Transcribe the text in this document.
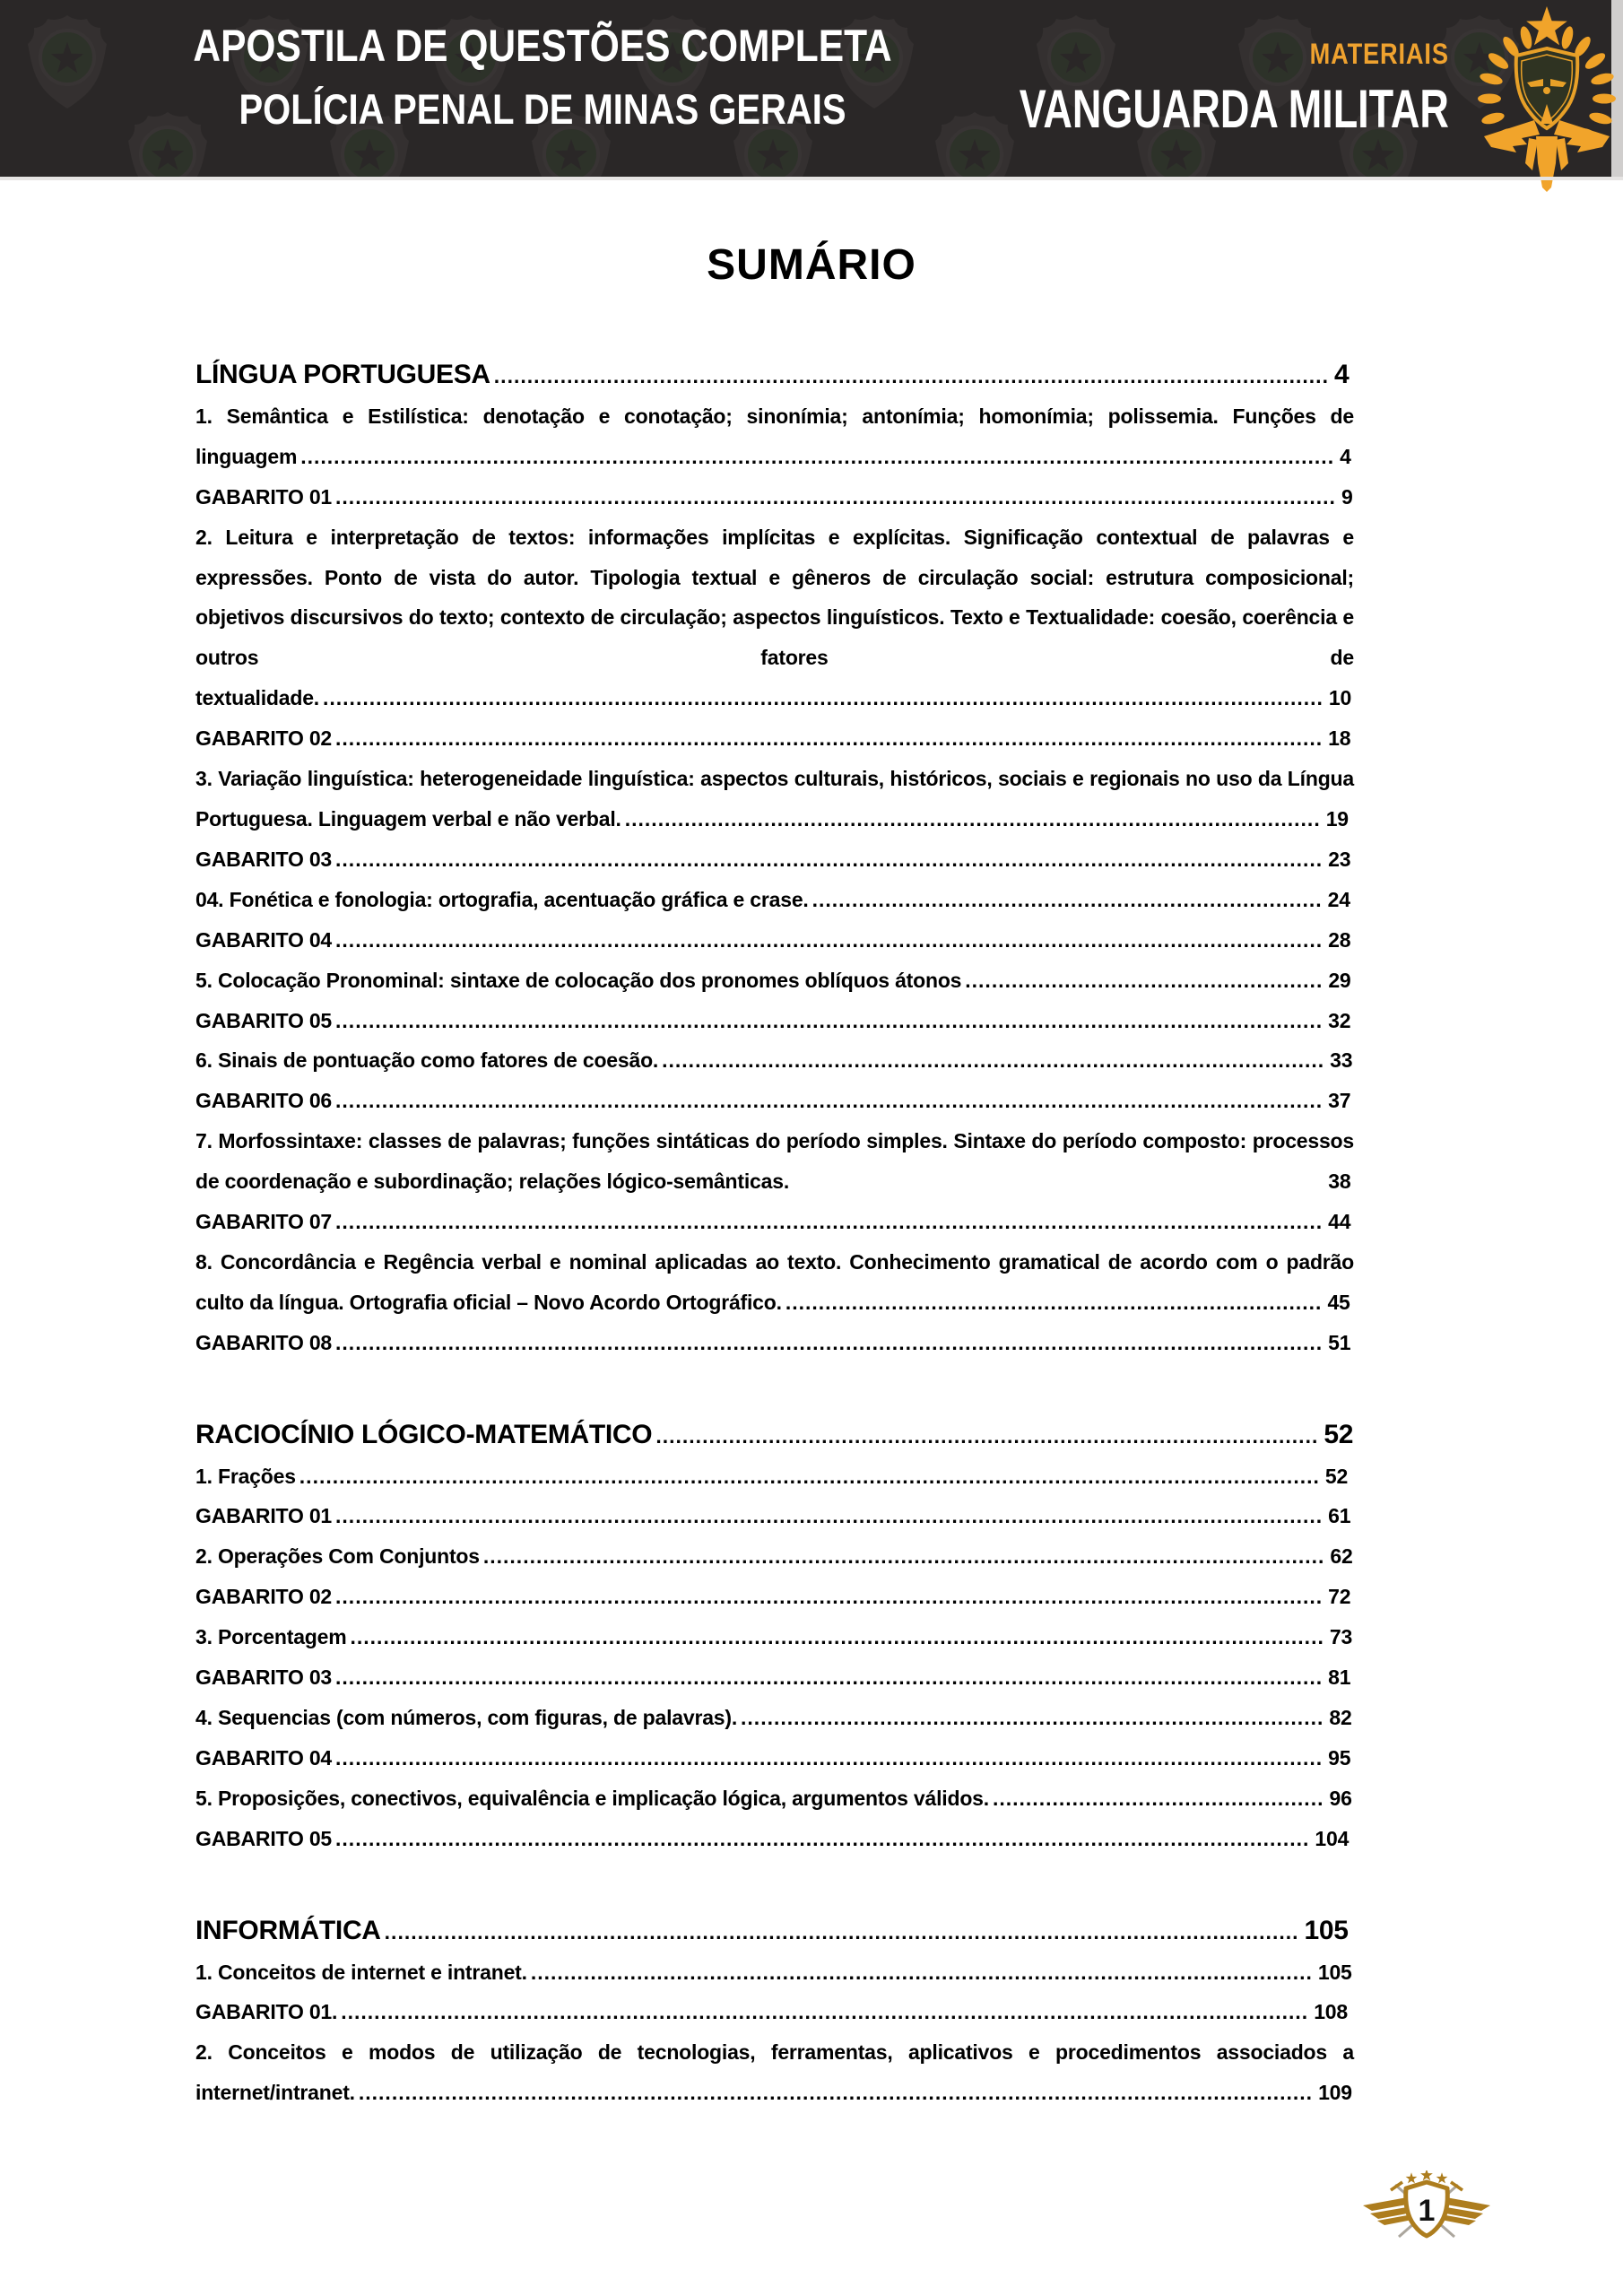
APOSTILA DE QUESTÕES COMPLETA
POLÍCIA PENAL DE MINAS GERAIS
MATERIAIS
VANGUARDA MILITAR
SUMÁRIO
LÍNGUA PORTUGUESA .............................................................................................................................. 4
1. Semântica e Estilística: denotação e conotação; sinonímia; antonímia; homonímia; polissemia. Funções de linguagem ............................................................................................................................................................ 4
GABARITO 01 ....................................................................................................................................................... 9
2. Leitura e interpretação de textos: informações implícitas e explícitas. Significação contextual de palavras e expressões. Ponto de vista do autor. Tipologia textual e gêneros de circulação social: estrutura composicional; objetivos discursivos do texto; contexto de circulação; aspectos linguísticos. Texto e Textualidade: coesão, coerência e outros fatores de textualidade. ....................................................................................................................................................... 10
GABARITO 02 ..................................................................................................................................................... 18
3. Variação linguística: heterogeneidade linguística: aspectos culturais, históricos, sociais e regionais no uso da Língua Portuguesa. Linguagem verbal e não verbal. ......................................................................................................... 19
GABARITO 03 ..................................................................................................................................................... 23
04. Fonética e fonologia: ortografia, acentuação gráfica e crase. ............................................................................. 24
GABARITO 04 ..................................................................................................................................................... 28
5. Colocação Pronominal: sintaxe de colocação dos pronomes oblíquos átonos ...................................................... 29
GABARITO 05 ..................................................................................................................................................... 32
6. Sinais de pontuação como fatores de coesão. .................................................................................................... 33
GABARITO 06 ..................................................................................................................................................... 37
7. Morfossintaxe: classes de palavras; funções sintáticas do período simples. Sintaxe do período composto: processos de coordenação e subordinação; relações lógico-semânticas.	38
GABARITO 07 ..................................................................................................................................................... 44
8. Concordância e Regência verbal e nominal aplicadas ao texto. Conhecimento gramatical de acordo com o padrão culto da língua. Ortografia oficial – Novo Acordo Ortográfico. ................................................................................. 45
GABARITO 08 ..................................................................................................................................................... 51
RACIOCÍNIO LÓGICO-MATEMÁTICO .................................................................................................... 52
1. Frações .......................................................................................................................................................... 52
GABARITO 01 ..................................................................................................................................................... 61
2. Operações Com Conjuntos ............................................................................................................................... 62
GABARITO 02 ..................................................................................................................................................... 72
3. Porcentagem ................................................................................................................................................... 73
GABARITO 03 ..................................................................................................................................................... 81
4. Sequencias (com números, com figuras, de palavras). ........................................................................................ 82
GABARITO 04 ..................................................................................................................................................... 95
5. Proposições, conectivos, equivalência e implicação lógica, argumentos válidos. .................................................. 96
GABARITO 05 ................................................................................................................................................... 104
INFORMÁTICA .......................................................................................................................................... 105
1. Conceitos de internet e intranet. ...................................................................................................................... 105
GABARITO 01. .................................................................................................................................................. 108
2. Conceitos e modos de utilização de tecnologias, ferramentas, aplicativos e procedimentos associados a internet/intranet. ................................................................................................................................................ 109
1
